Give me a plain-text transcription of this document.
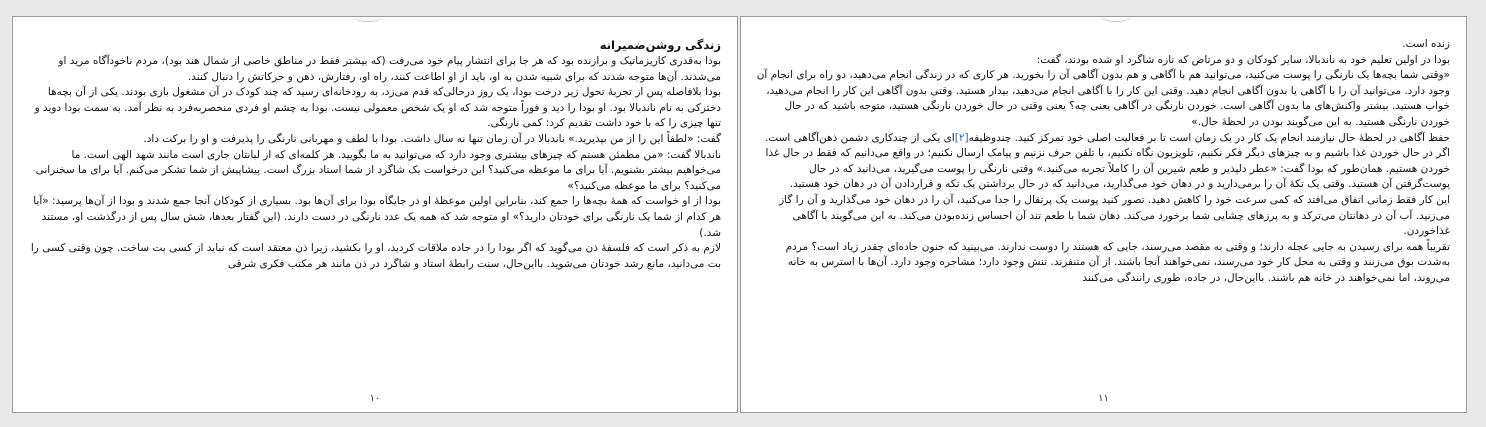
زندگی روشن‌ضمیرانه

بودا به‌قدری کاریزماتیک و برازنده بود که هر جا برای انتشار پیام خود می‌رفت (که بیشتر فقط در مناطق خاصی از شمال هند بود)، مردم ناخودآگاه مرید او می‌شدند. آن‌ها متوجه شدند که برای شبیه شدن به او، باید از او اطاعت کنند، راه او، رفتارش، ذهن و حرکاتش را دنبال کنند.

بودا بلافاصله پس از تجربهٔ تحول زیر درخت بودا، یک روز درحالی‌که قدم می‌زد، به رودخانه‌ای رسید که چند کودک در آن مشغول بازی بودند. یکی از آن بچه‌ها دخترکی به نام ناندبالا بود. او بودا را دید و فوراً متوجه شد که او یک شخص معمولی نیست. بودا به چشم او فردی منحصربه‌فرد به نظر آمد. به سمت بودا دوید و تنها چیزی را که با خود داشت تقدیم کرد: کمی نارنگی.

گفت: «لطفاً این را از من بپذیرید.» ناندبالا در آن زمان تنها نه سال داشت. بودا با لطف و مهربانی نارنگی را پذیرفت و او را برکت داد.

ناندبالا گفت: «من مطمئن هستم که چیزهای بیشتری وجود دارد که می‌توانید به ما بگویید. هر کلمه‌ای که از لبانتان جاری است مانند شهد الهی است. ما می‌خواهیم بیشتر بشنویم. آیا برای ما موعظه می‌کنید؟ این درخواست یک شاگرد از شما استاد بزرگ است. پیشاپیش از شما تشکر می‌کنم. آیا برای ما سخنرانی می‌کنید؟ برای ما موعظه می‌کنید؟»

بودا از او خواست که همهٔ بچه‌ها را جمع کند، بنابراین اولین موعظهٔ او در جایگاه بودا برای آن‌ها بود. بسیاری از کودکان آنجا جمع شدند و بودا از آن‌ها پرسید: «آیا هر کدام از شما یک نارنگی برای خودتان دارید؟» او متوجه شد که همه یک عدد نارنگی در دست دارند. (این گفتار بعدها، شش سال پس از درگذشت او، مستند شد.)

لازم به ذکر است که فلسفهٔ ذن می‌گوید که اگر بودا را در جاده ملاقات کردید، او را بکشید، زیرا ذن معتقد است که نباید از کسی بت ساخت. چون وقتی کسی را بت می‌دانید، مانع رشد خودتان می‌شوید. بااین‌حال، سنت رابطهٔ استاد و شاگرد در ذن مانند هر مکتب فکری شرقی

۱۰

زنده است.

بودا در اولین تعلیم خود به ناندبالا، سایر کودکان و دو مرتاض که تازه شاگرد او شده بودند، گفت:

«وقتی شما بچه‌ها یک نارنگی را پوست می‌کنید، می‌توانید هم با آگاهی و هم بدون آگاهی آن را بخورید. هر کاری که در زندگی انجام می‌دهید، دو راه برای انجام آن وجود دارد. می‌توانید آن را با آگاهی یا بدون آگاهی انجام دهید. وقتی این کار را با آگاهی انجام می‌دهید، بیدار هستید. وقتی بدون آگاهی این کار را انجام می‌دهید، خواب هستید. بیشتر واکنش‌های ما بدون آگاهی است. خوردن نارنگی در آگاهی یعنی چه؟ یعنی وقتی در حال خوردن نارنگی هستید، متوجه باشید که در حال خوردن نارنگی هستید. به این می‌گویند بودن در لحظهٔ حال.»

حفظ آگاهی در لحظهٔ حال نیازمند انجام یک کار در یک زمان است تا بر فعالیت اصلی خود تمرکز کنید. چندوظیفه‌[۲]ای یکی از چندکاری دشمن ذهن‌آگاهی است. اگر در حال خوردن غذا باشیم و به چیزهای دیگر فکر نکنیم، تلویزیون نگاه نکنیم، با تلفن حرف نزنیم و پیامک ارسال نکنیم؛ در واقع می‌دانیم که فقط در حال غذا خوردن هستیم. همان‌طور که بودا گفت: «عطر دلپذیر و طعم شیرین آن را کاملاً تجربه می‌کنید.» وقتی نارنگی را پوست می‌گیرید، می‌دانید که در حال پوست‌گرفتن آن هستید. وقتی یک تکهٔ آن را برمی‌دارید و در دهان خود می‌گذارید، می‌دانید که در حال برداشتن یک تکه و قراردادن آن در دهان خود هستید.

این کار فقط زمانی اتفاق می‌افتد که کمی سرعت خود را کاهش دهید. تصور کنید پوست یک پرتقال را جدا می‌کنید، آن را در دهان خود می‌گذارید و آن را گاز می‌زنید. آب آن در دهانتان می‌ترکد و به پرزهای چشایی شما برخورد می‌کند. دهان شما با طعم تند آن احساس زنده‌بودن می‌کند. به این می‌گویند با آگاهی غذاخوردن.

تقریباً همه برای رسیدن به جایی عجله دارند؛ و وقتی به مقصد می‌رسند، جایی که هستند را دوست ندارند. می‌بینید که جنون جاده‌ای چقدر زیاد است؟ مردم به‌شدت بوق می‌زنند و وقتی به محل کار خود می‌رسند، نمی‌خواهند آنجا باشند. از آن متنفرند. تنش وجود دارد؛ مشاجره وجود دارد. آن‌ها با استرس به خانه می‌روند، اما نمی‌خواهند در خانه هم باشند. بااین‌حال، در جاده، طوری رانندگی می‌کنند

۱۱
